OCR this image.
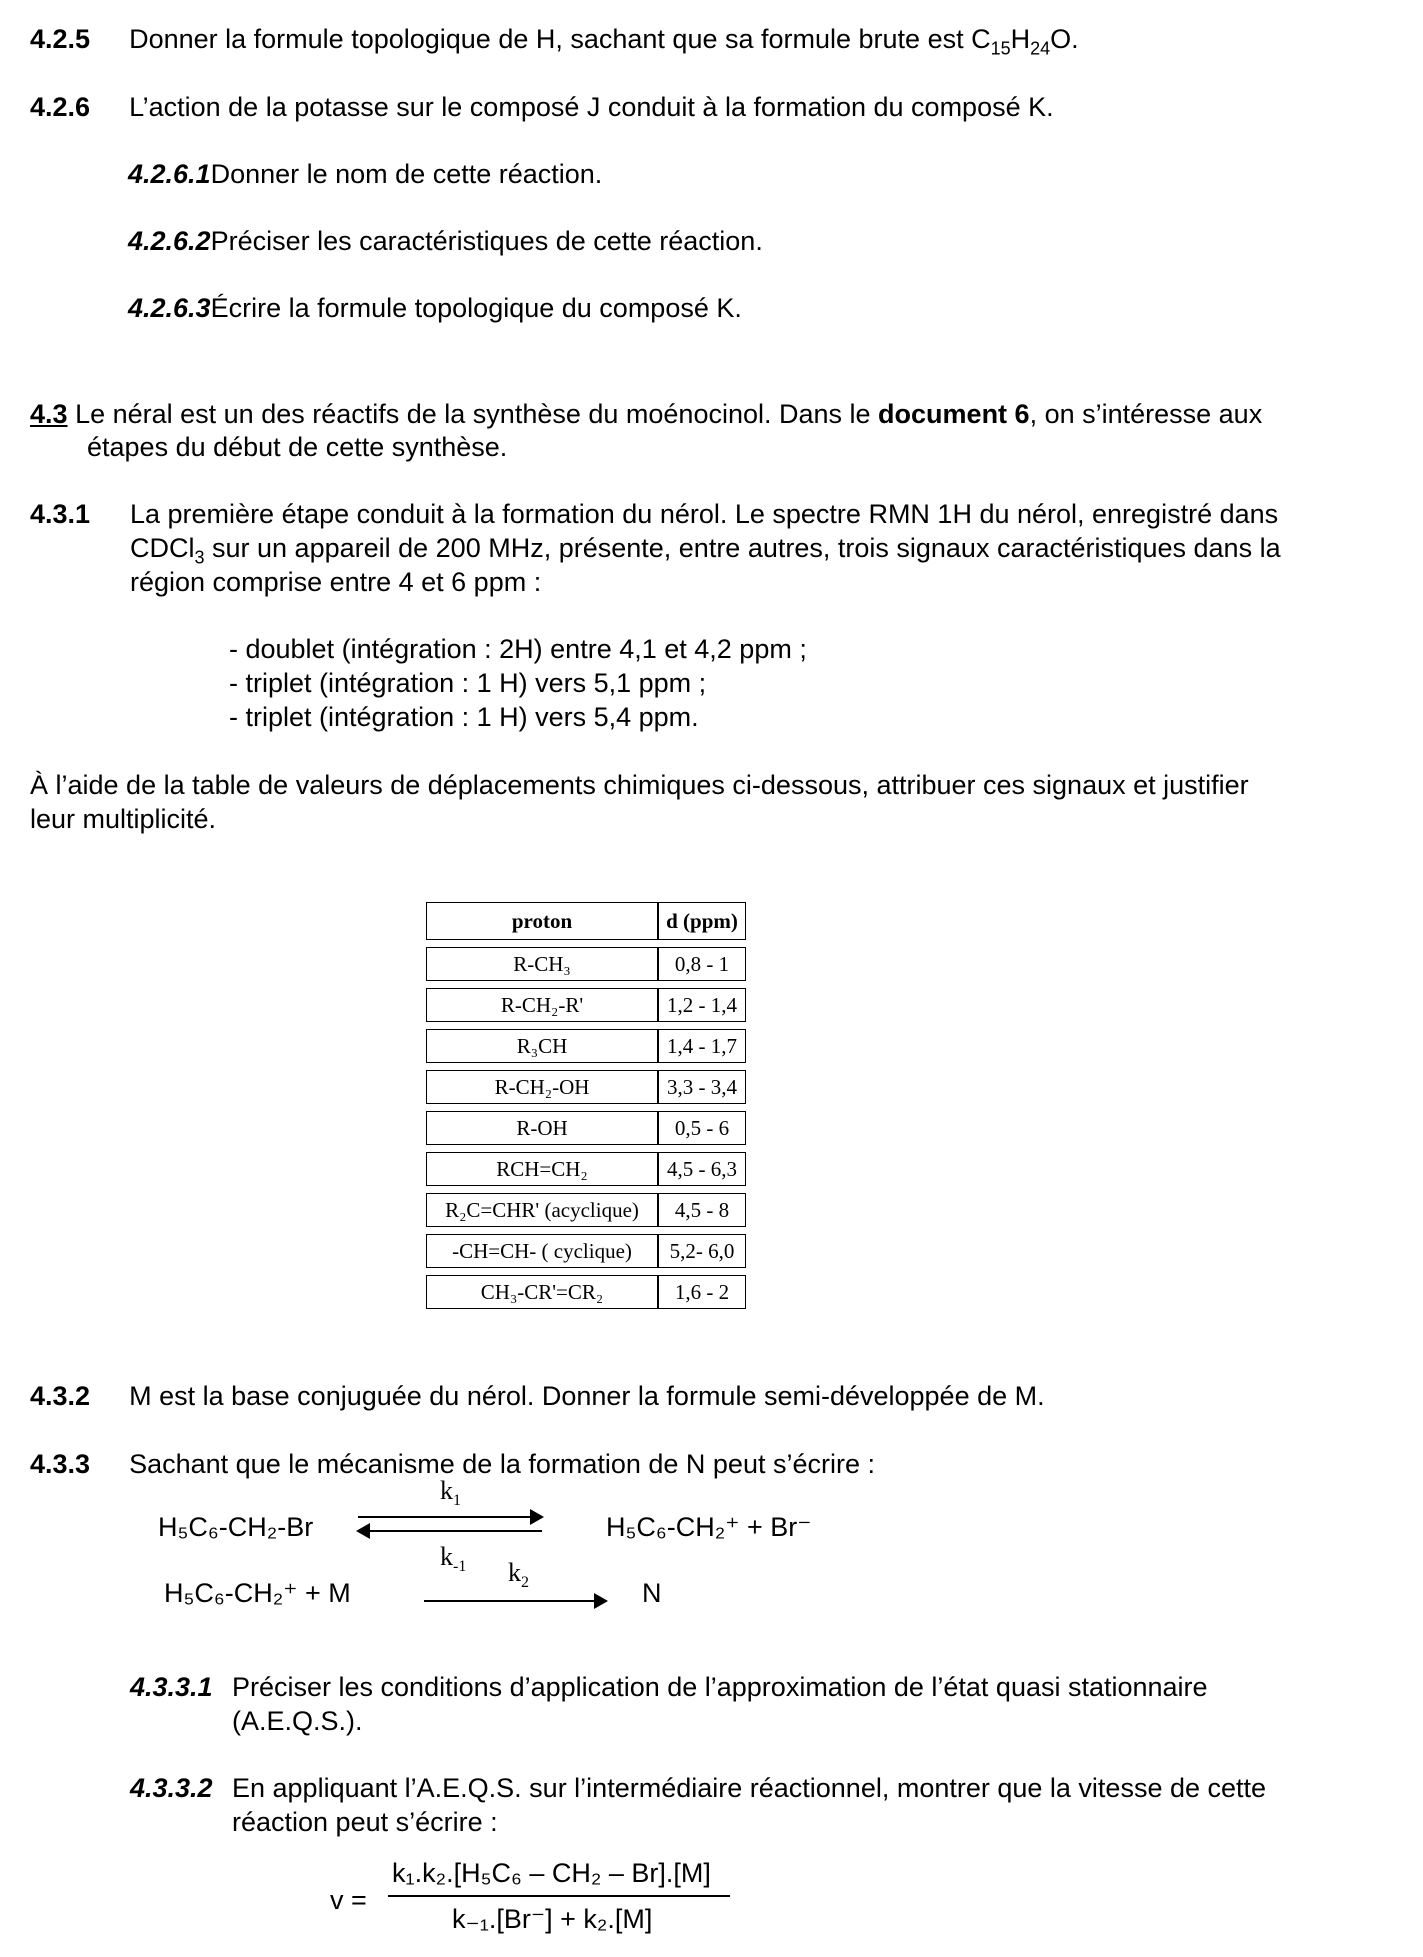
4.2.5 Donner la formule topologique de H, sachant que sa formule brute est $C_{15}H_{24}O$.
4.2.6 L’action de la potasse sur le composé J conduit à la formation du composé K.
4.2.6.1Donner le nom de cette réaction.
4.2.6.2Préciser les caractéristiques de cette réaction.
4.2.6.3Écrire la formule topologique du composé K.
4.3 Le néral est un des réactifs de la synthèse du moénocinol. Dans le document 6, on s’intéresse aux
étapes du début de cette synthèse.
4.3.1 La première étape conduit à la formation du nérol. Le spectre RMN 1H du nérol, enregistré dans
CDCl$_3$ sur un appareil de 200 MHz, présente, entre autres, trois signaux caractéristiques dans la
région comprise entre 4 et 6 ppm :
- doublet (intégration : 2H) entre 4,1 et 4,2 ppm ;
- triplet (intégration : 1 H) vers 5,1 ppm ;
- triplet (intégration : 1 H) vers 5,4 ppm.
À l’aide de la table de valeurs de déplacements chimiques ci-dessous, attribuer ces signaux et justifier
leur multiplicité.
proton	d (ppm)
R-CH₃	0,8 - 1
R-CH₂-R'	1,2 - 1,4
R₃CH	1,4 - 1,7
R-CH₂-OH	3,3 - 3,4
R-OH	0,5 - 6
RCH=CH₂	4,5 - 6,3
R₂C=CHR' (acyclique)	4,5 - 8
-CH=CH- ( cyclique)	5,2- 6,0
CH₃-CR'=CR₂	1,6 - 2
4.3.2 M est la base conjuguée du nérol. Donner la formule semi-développée de M.
4.3.3 Sachant que le mécanisme de la formation de N peut s’écrire :
H₅C₆-CH₂-Br
$k_1$
$k_{-1}$
H₅C₆-CH₂⁺ + Br⁻
H₅C₆-CH₂⁺ + M
$k_2$	N
4.3.3.1 Préciser les conditions d’application de l’approximation de l’état quasi stationnaire
(A.E.Q.S.).
4.3.3.2 En appliquant l’A.E.Q.S. sur l’intermédiaire réactionnel, montrer que la vitesse de cette
réaction peut s’écrire :
v =
k₁.k₂.[H₅C₆ – CH₂ – Br].[M]
k₋₁.[Br⁻] + k₂.[M]
